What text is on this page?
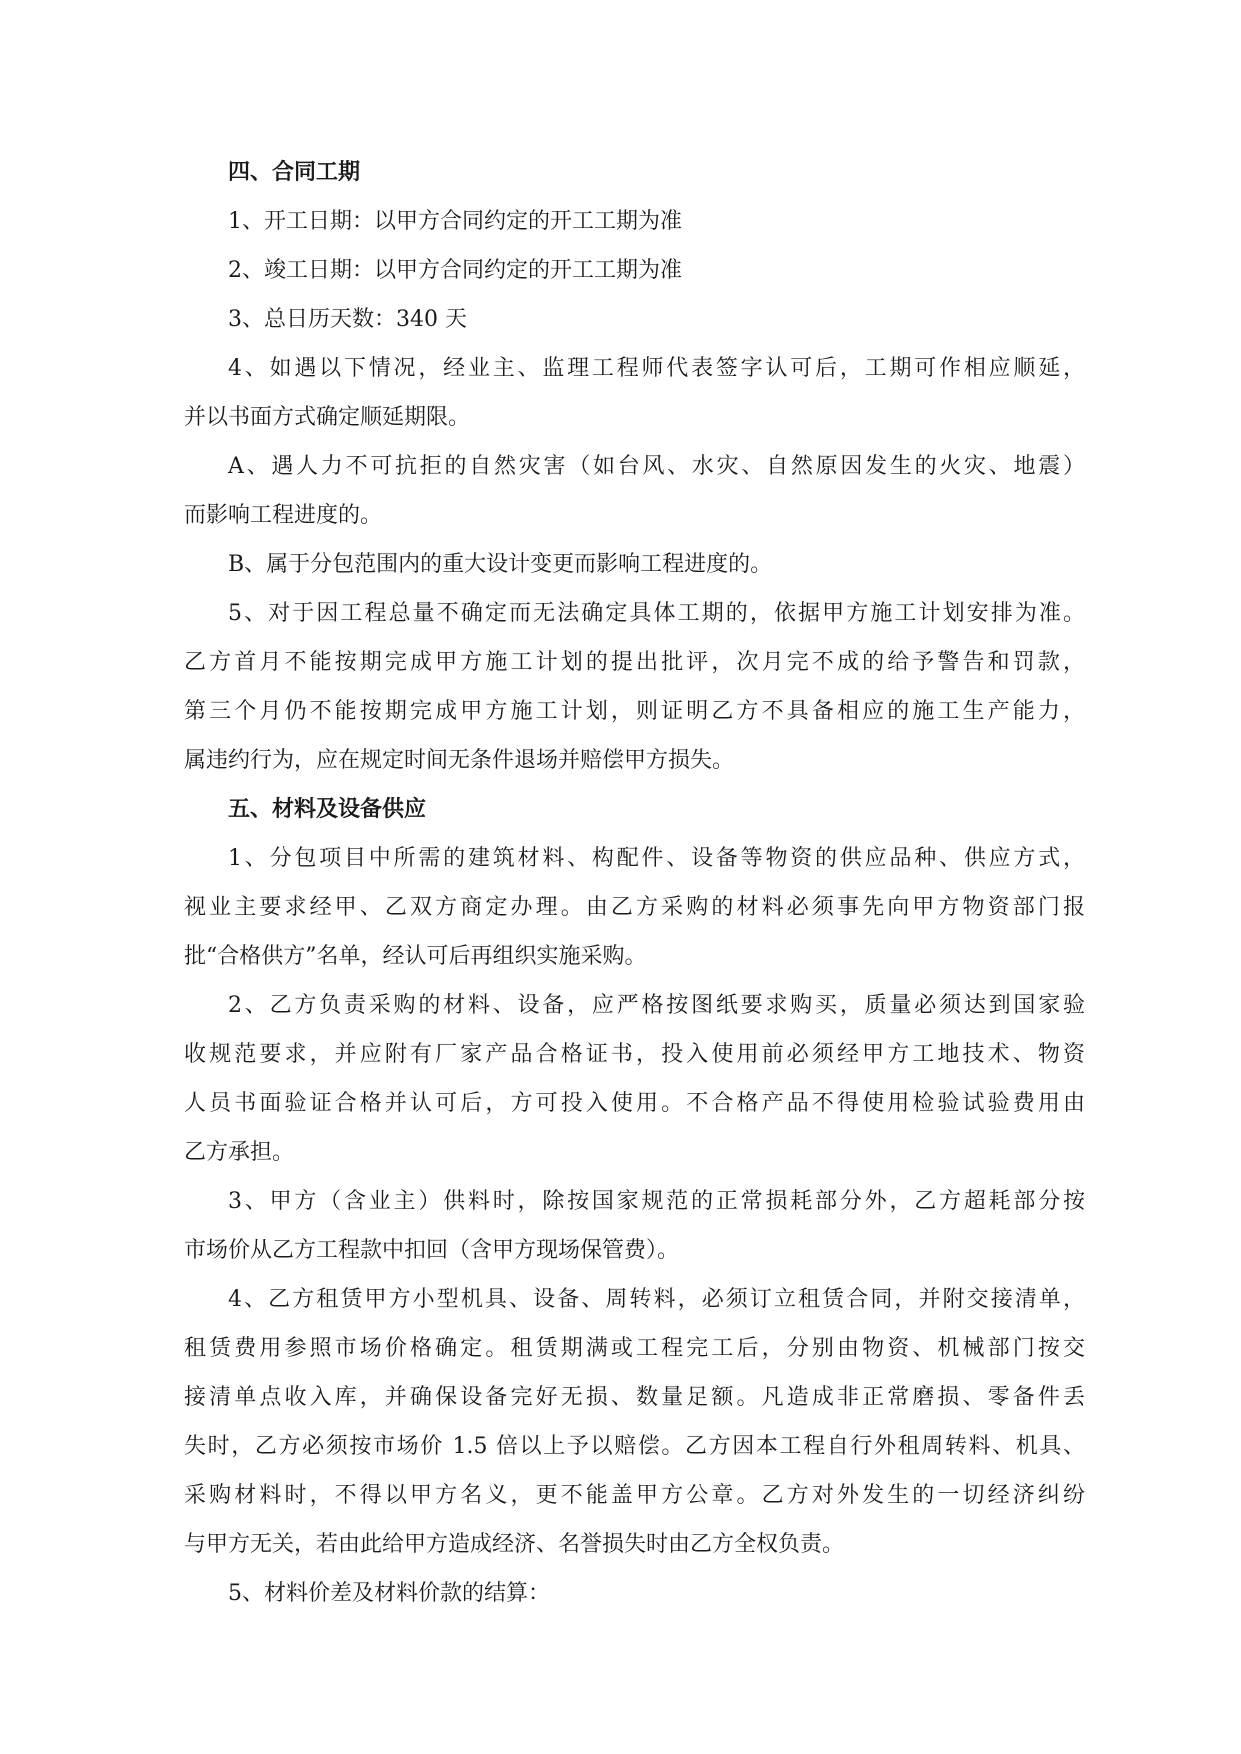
四、合同工期

1、开工日期：以甲方合同约定的开工工期为准

2、竣工日期：以甲方合同约定的开工工期为准

3、总日历天数：340 天

4、如遇以下情况，经业主、监理工程师代表签字认可后，工期可作相应顺延，

并以书面方式确定顺延期限。

A、遇人力不可抗拒的自然灾害（如台风、水灾、自然原因发生的火灾、地震）

而影响工程进度的。

B、属于分包范围内的重大设计变更而影响工程进度的。

5、对于因工程总量不确定而无法确定具体工期的，依据甲方施工计划安排为准。

乙方首月不能按期完成甲方施工计划的提出批评，次月完不成的给予警告和罚款，

第三个月仍不能按期完成甲方施工计划，则证明乙方不具备相应的施工生产能力，

属违约行为，应在规定时间无条件退场并赔偿甲方损失。

五、材料及设备供应

1、分包项目中所需的建筑材料、构配件、设备等物资的供应品种、供应方式，

视业主要求经甲、乙双方商定办理。由乙方采购的材料必须事先向甲方物资部门报

批“合格供方”名单，经认可后再组织实施采购。

2、乙方负责采购的材料、设备，应严格按图纸要求购买，质量必须达到国家验

收规范要求，并应附有厂家产品合格证书，投入使用前必须经甲方工地技术、物资

人员书面验证合格并认可后，方可投入使用。不合格产品不得使用检验试验费用由

乙方承担。

3、甲方（含业主）供料时，除按国家规范的正常损耗部分外，乙方超耗部分按

市场价从乙方工程款中扣回（含甲方现场保管费）。

4、乙方租赁甲方小型机具、设备、周转料，必须订立租赁合同，并附交接清单，

租赁费用参照市场价格确定。租赁期满或工程完工后，分别由物资、机械部门按交

接清单点收入库，并确保设备完好无损、数量足额。凡造成非正常磨损、零备件丢

失时，乙方必须按市场价 1.5 倍以上予以赔偿。乙方因本工程自行外租周转料、机具、

采购材料时，不得以甲方名义，更不能盖甲方公章。乙方对外发生的一切经济纠纷

与甲方无关，若由此给甲方造成经济、名誉损失时由乙方全权负责。

5、材料价差及材料价款的结算：
